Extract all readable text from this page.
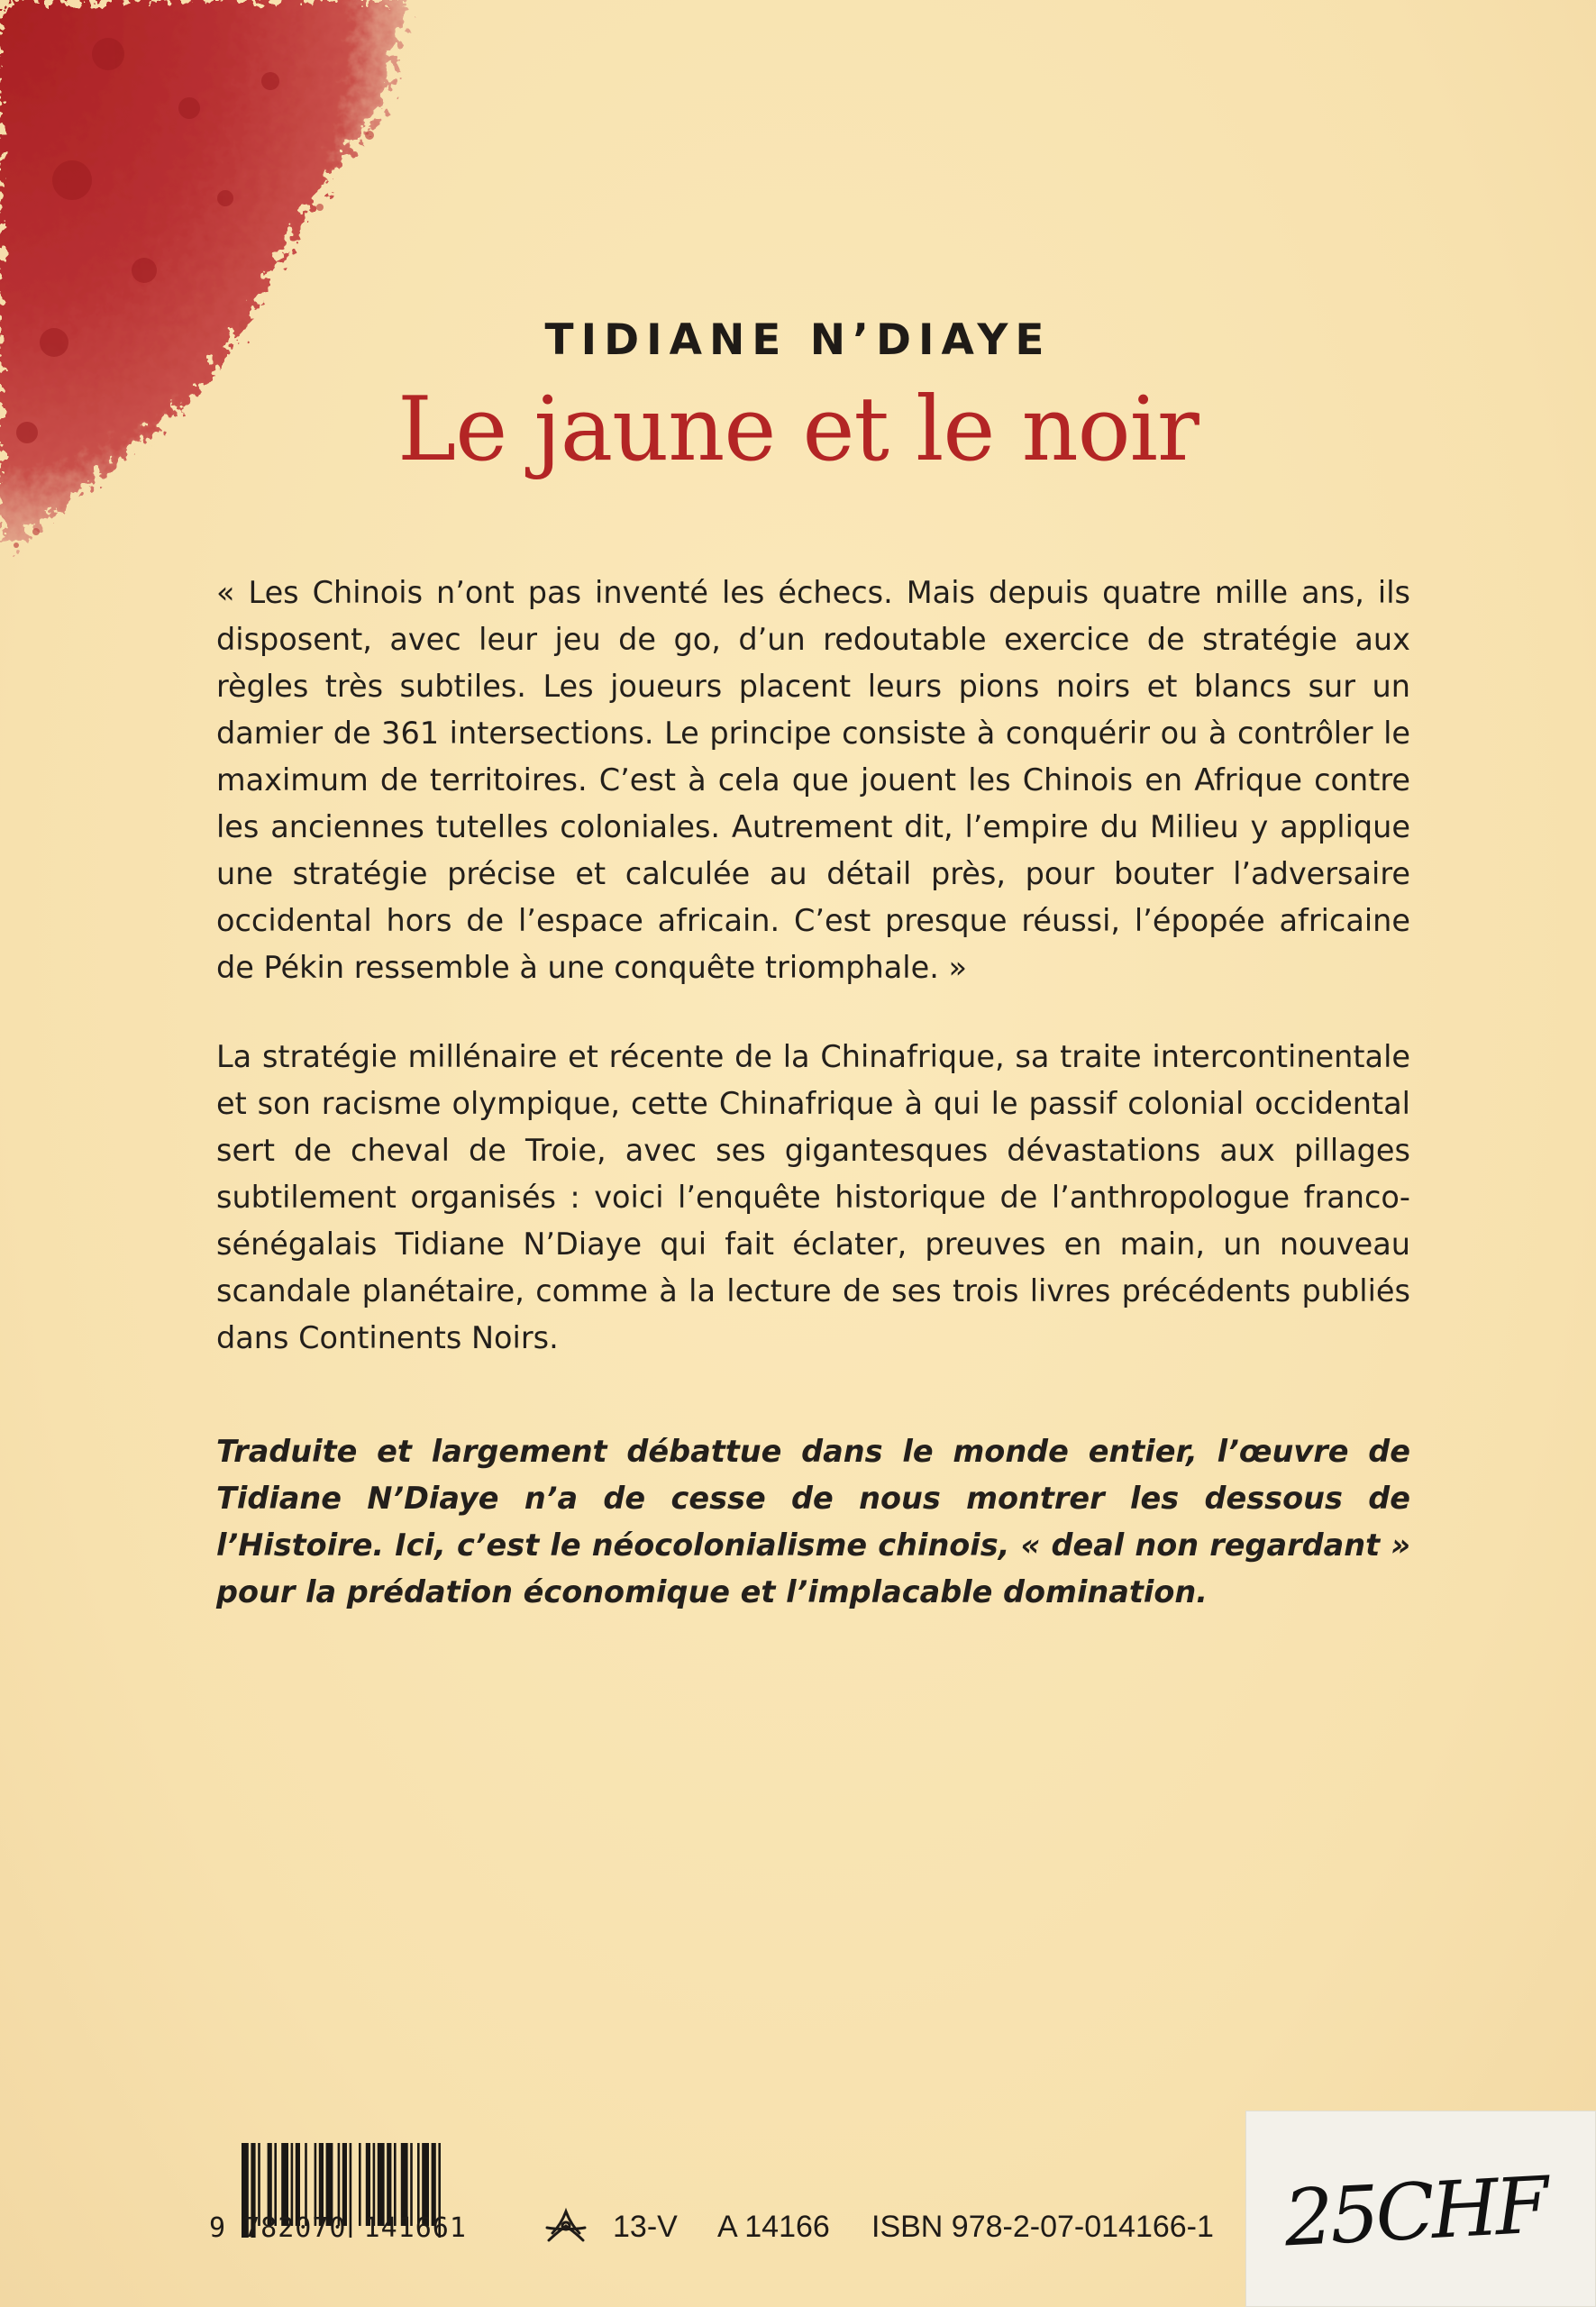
TIDIANE N’DIAYE
Le jaune et le noir
« Les Chinois n’ont pas inventé les échecs. Mais depuis quatre mille ans, ils disposent, avec leur jeu de go, d’un redoutable exercice de stratégie aux règles très subtiles. Les joueurs placent leurs pions noirs et blancs sur un damier de 361 intersections. Le principe consiste à conquérir ou à contrôler le maximum de territoires. C’est à cela que jouent les Chinois en Afrique contre les anciennes tutelles coloniales. Autrement dit, l’empire du Milieu y applique une stratégie précise et calculée au détail près, pour bouter l’adversaire occidental hors de l’espace africain. C’est presque réussi, l’épopée africaine de Pékin ressemble à une conquête triomphale. »
La stratégie millénaire et récente de la Chinafrique, sa traite intercontinentale et son racisme olympique, cette Chinafrique à qui le passif colonial occidental sert de cheval de Troie, avec ses gigantesques dévastations aux pillages subtilement organisés : voici l’enquête historique de l’anthropologue francosénégalais Tidiane N’Diaye qui fait éclater, preuves en main, un nouveau scandale planétaire, comme à la lecture de ses trois livres précédents publiés dans Continents Noirs.
Traduite et largement débattue dans le monde entier, l’œuvre de Tidiane N’Diaye n’a de cesse de nous montrer les dessous de l’Histoire. Ici, c’est le néocolonialisme chinois, « deal non regardant » pour la prédation économique et l’implacable domination.
9 782070 141661	13-V A 14166 ISBN 978-2-07-014166-1 25CHF
